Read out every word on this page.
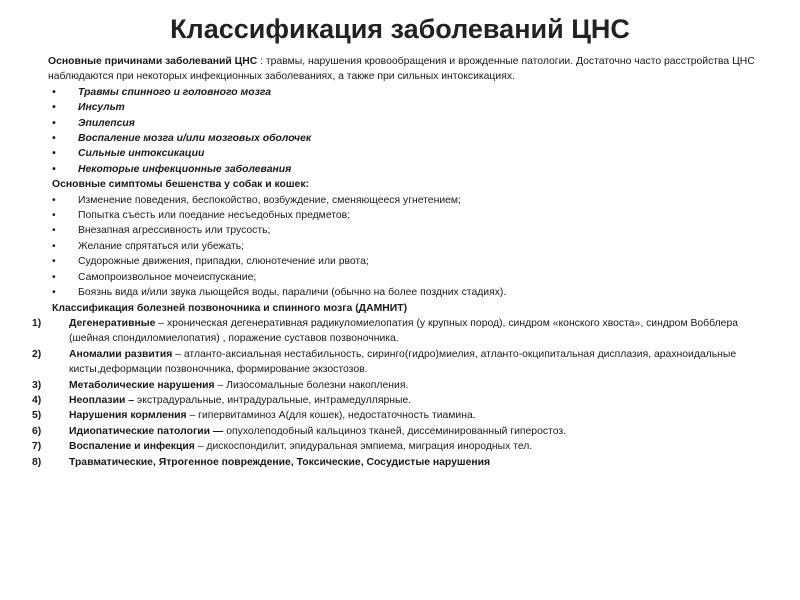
Классификация заболеваний ЦНС

Основные причинами заболеваний ЦНС : травмы, нарушения кровообращения и врожденные патологии. Достаточно часто расстройства ЦНС наблюдаются при некоторых инфекционных заболеваниях, а также при сильных интоксикациях.

• Травмы спинного и головного мозга
• Инсульт
• Эпилепсия
• Воспаление мозга и/или мозговых оболочек
• Сильные интоксикации
• Некоторые инфекционные заболевания
Основные симптомы бешенства у собак и кошек:
• Изменение поведения, беспокойство, возбуждение, сменяющееся угнетением;
• Попытка съесть или поедание несъедобных предметов;
• Внезапная агрессивность или трусость;
• Желание спрятаться или убежать;
• Судорожные движения, припадки, слюнотечение или рвота;
• Самопроизвольное мочеиспускание;
• Боязнь вида и/или звука льющейся воды, параличи (обычно на более поздних стадиях).
Классификация болезней позвоночника и спинного мозга (ДАМНИТ)
1)	Дегенеративные – хроническая дегенеративная радикуломиелопатия (у крупных пород), синдром «конского хвоста», синдром Вобблера (шейная спондиломиелопатия) , поражение суставов позвоночника.
2)	Аномалии развития – атланто-аксиальная нестабильность, сиринго(гидро)миелия, атланто-окципитальная дисплазия, арахноидальные кисты,деформации позвоночника, формирование экзостозов.
3)	Метаболические нарушения – Лизосомальные болезни накопления.
4)	Неоплазии – экстрадуральные, интрадуральные, интрамедуллярные.
5)	Нарушения кормления – гипервитаминоз А(для кошек), недостаточность тиамина.
6)	Идиопатические патологии — опухолеподобный кальциноз тканей, диссеминированный гиперостоз.
7)	Воспаление и инфекция – дискоспондилит, эпидуральная эмпиема, миграция инородных тел.
8)	Травматические, Ятрогенное повреждение, Токсические, Сосудистые нарушения
